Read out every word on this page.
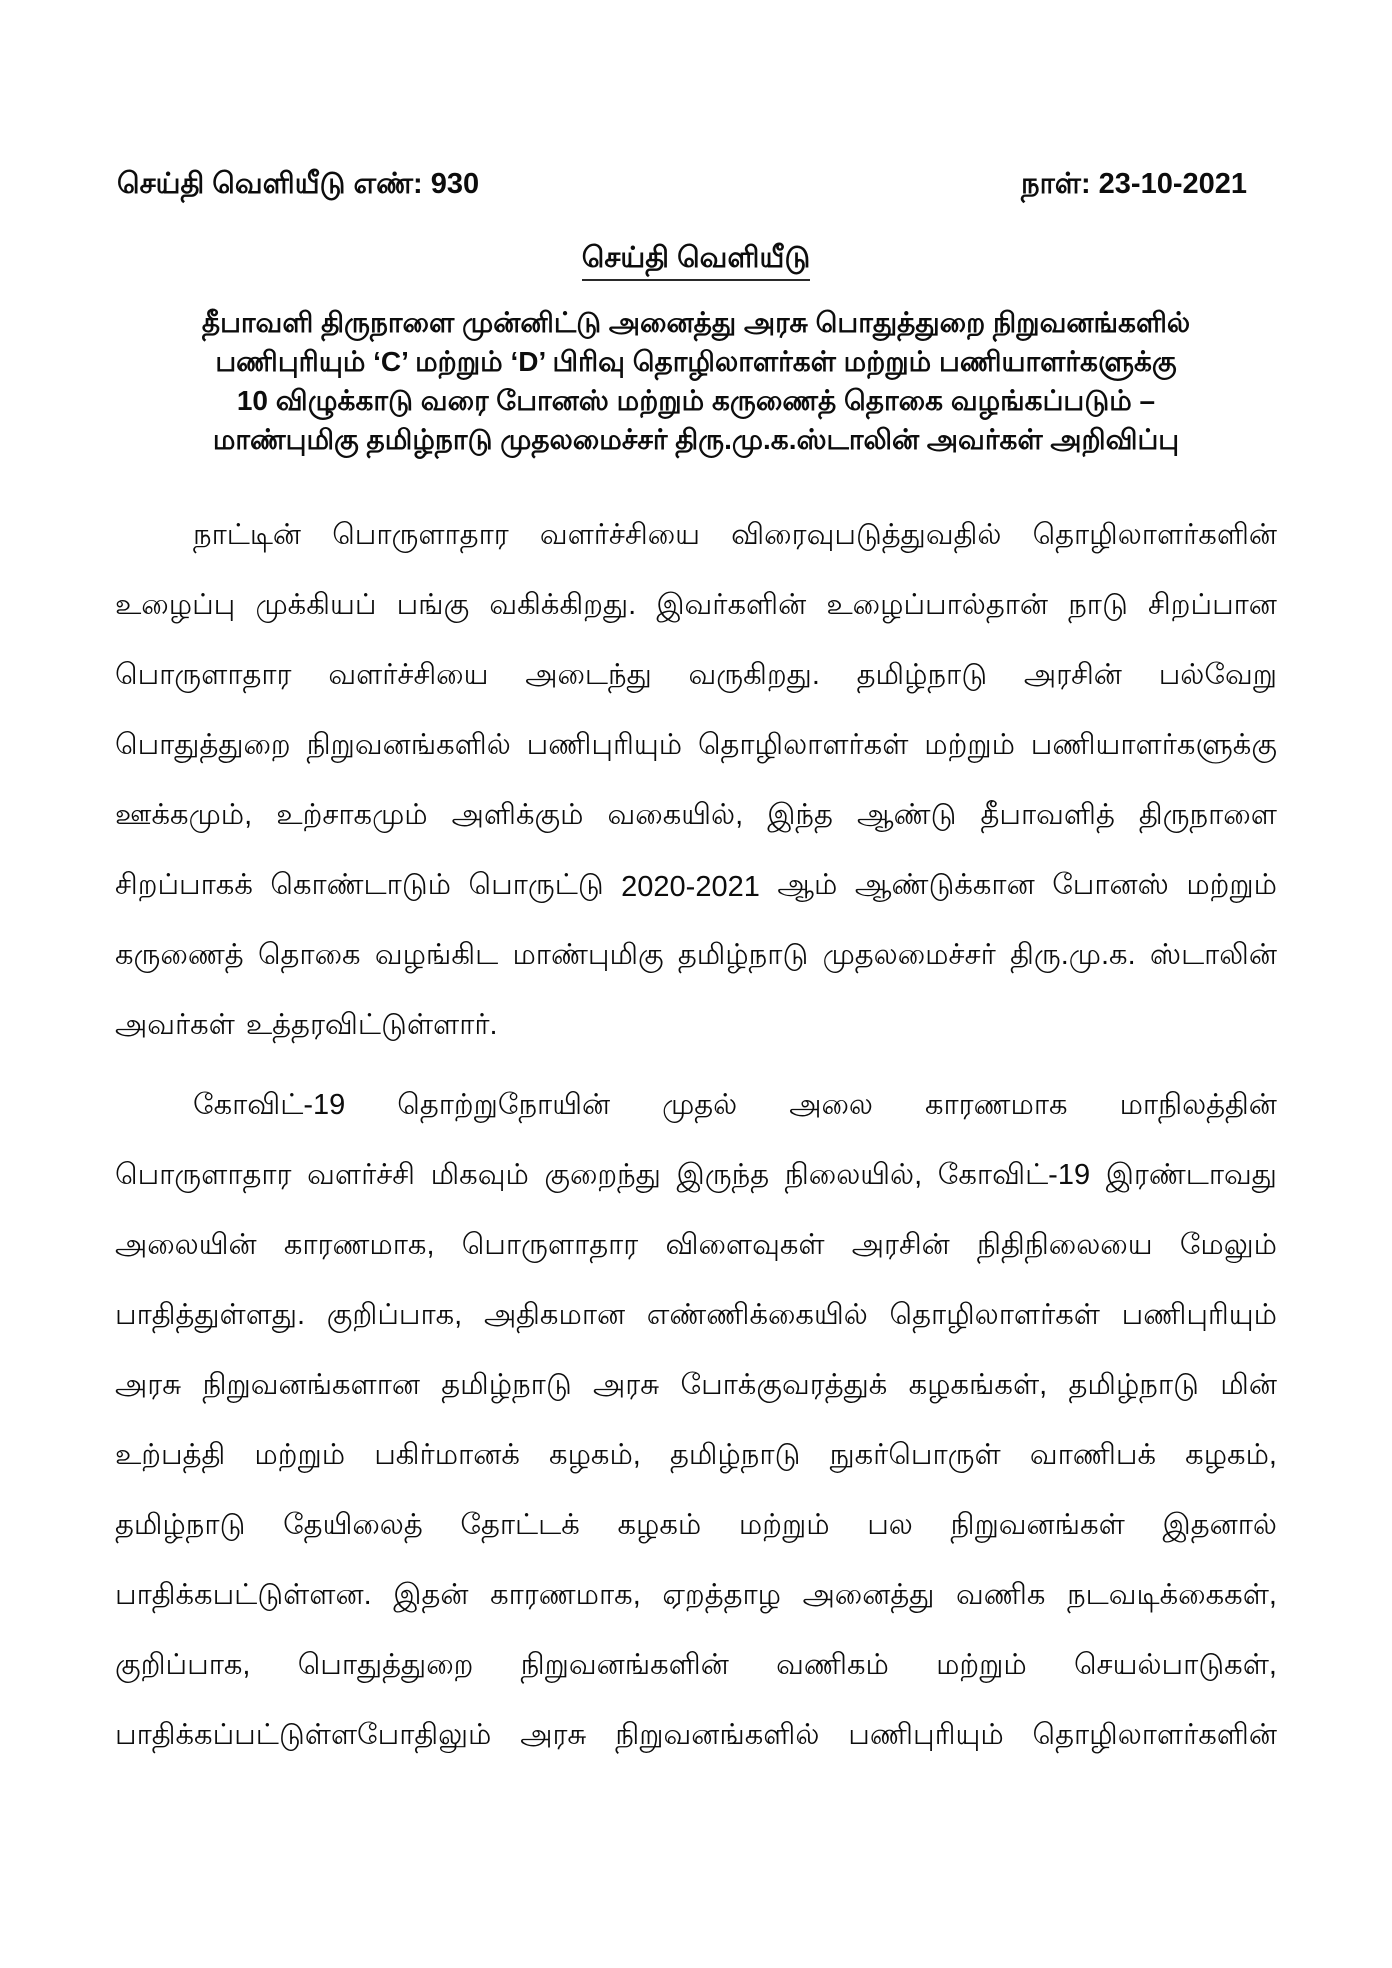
செய்தி வெளியீடு எண்: 930	நாள்: 23-10-2021
செய்தி வெளியீடு
தீபாவளி திருநாளை முன்னிட்டு அனைத்து அரசு பொதுத்துறை நிறுவனங்களில்
பணிபுரியும் ‘C’ மற்றும் ‘D’ பிரிவு தொழிலாளர்கள் மற்றும் பணியாளர்களுக்கு
10 விழுக்காடு வரை போனஸ் மற்றும் கருணைத் தொகை வழங்கப்படும் –
மாண்புமிகு தமிழ்நாடு முதலமைச்சர் திரு.மு.க.ஸ்டாலின் அவர்கள் அறிவிப்பு
நாட்டின் பொருளாதார வளர்ச்சியை விரைவுபடுத்துவதில் தொழிலாளர்களின்
உழைப்பு முக்கியப் பங்கு வகிக்கிறது. இவர்களின் உழைப்பால்தான் நாடு சிறப்பான
பொருளாதார வளர்ச்சியை அடைந்து வருகிறது. தமிழ்நாடு அரசின் பல்வேறு
பொதுத்துறை நிறுவனங்களில் பணிபுரியும் தொழிலாளர்கள் மற்றும் பணியாளர்களுக்கு
ஊக்கமும், உற்சாகமும் அளிக்கும் வகையில், இந்த ஆண்டு தீபாவளித் திருநாளை
சிறப்பாகக் கொண்டாடும் பொருட்டு 2020-2021 ஆம் ஆண்டுக்கான போனஸ் மற்றும்
கருணைத் தொகை வழங்கிட மாண்புமிகு தமிழ்நாடு முதலமைச்சர் திரு.மு.க. ஸ்டாலின்
அவர்கள் உத்தரவிட்டுள்ளார்.
கோவிட்-19 தொற்றுநோயின் முதல் அலை காரணமாக மாநிலத்தின்
பொருளாதார வளர்ச்சி மிகவும் குறைந்து இருந்த நிலையில், கோவிட்-19 இரண்டாவது
அலையின் காரணமாக, பொருளாதார விளைவுகள் அரசின் நிதிநிலையை மேலும்
பாதித்துள்ளது. குறிப்பாக, அதிகமான எண்ணிக்கையில் தொழிலாளர்கள் பணிபுரியும்
அரசு நிறுவனங்களான தமிழ்நாடு அரசு போக்குவரத்துக் கழகங்கள், தமிழ்நாடு மின்
உற்பத்தி மற்றும் பகிர்மானக் கழகம், தமிழ்நாடு நுகர்பொருள் வாணிபக் கழகம்,
தமிழ்நாடு தேயிலைத் தோட்டக் கழகம் மற்றும் பல நிறுவனங்கள் இதனால்
பாதிக்கபட்டுள்ளன. இதன் காரணமாக, ஏறத்தாழ அனைத்து வணிக நடவடிக்கைகள்,
குறிப்பாக, பொதுத்துறை நிறுவனங்களின் வணிகம் மற்றும் செயல்பாடுகள்,
பாதிக்கப்பட்டுள்ளபோதிலும் அரசு நிறுவனங்களில் பணிபுரியும் தொழிலாளர்களின்
